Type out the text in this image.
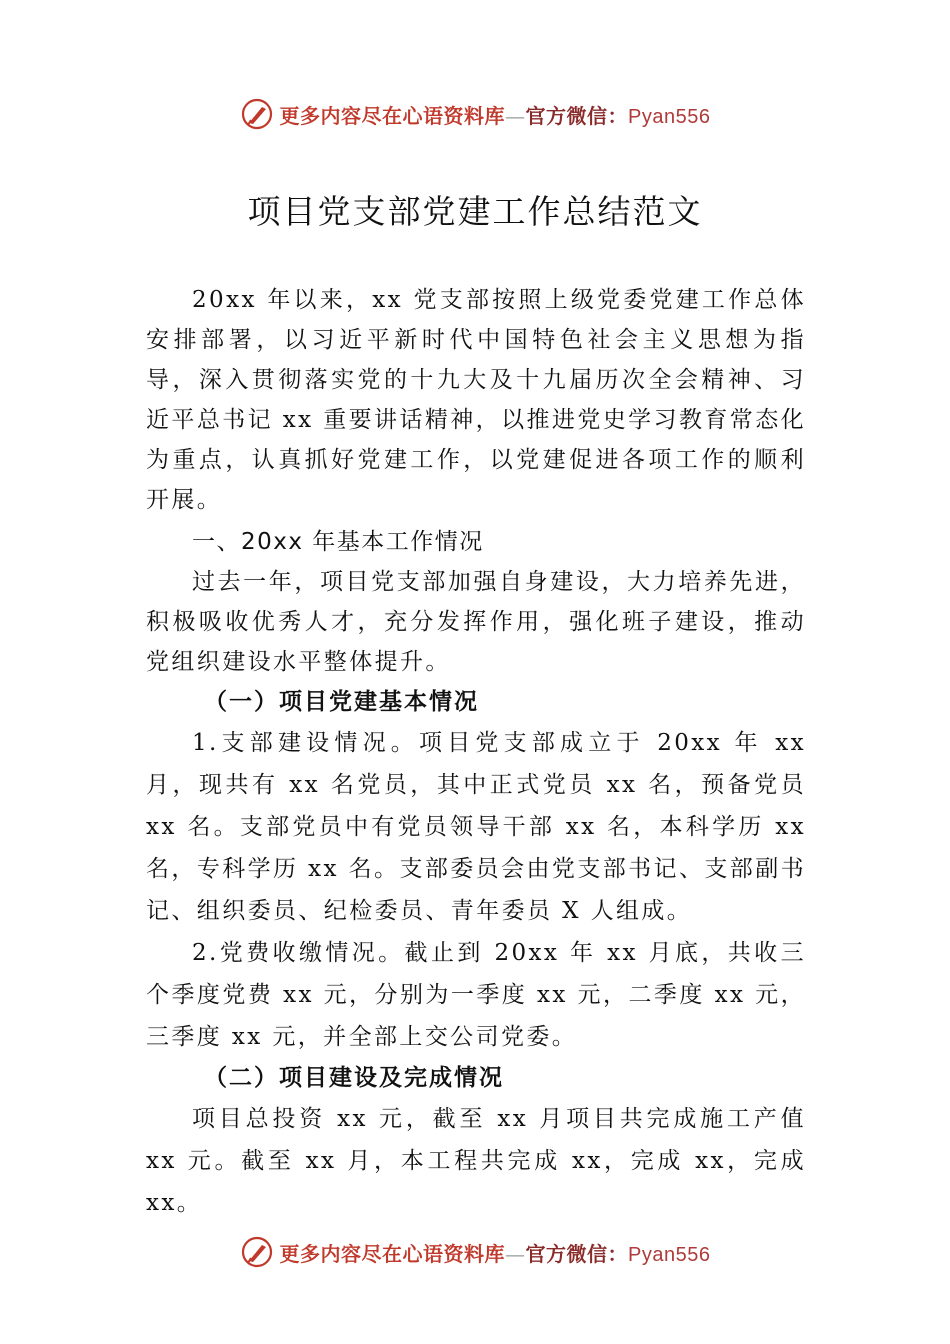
更多内容尽在心语资料库—官方微信：Pyan556
项目党支部党建工作总结范文

20xx 年以来，xx 党支部按照上级党委党建工作总体安排部署，以习近平新时代中国特色社会主义思想为指导，深入贯彻落实党的十九大及十九届历次全会精神、习近平总书记 xx 重要讲话精神，以推进党史学习教育常态化为重点，认真抓好党建工作，以党建促进各项工作的顺利开展。

一、20xx 年基本工作情况

过去一年，项目党支部加强自身建设，大力培养先进，积极吸收优秀人才，充分发挥作用，强化班子建设，推动党组织建设水平整体提升。

（一）项目党建基本情况

1.支部建设情况。项目党支部成立于 20xx 年 xx 月，现共有 xx 名党员，其中正式党员 xx 名，预备党员 xx 名。支部党员中有党员领导干部 xx 名，本科学历 xx 名，专科学历 xx 名。支部委员会由党支部书记、支部副书记、组织委员、纪检委员、青年委员 X 人组成。

2.党费收缴情况。截止到 20xx 年 xx 月底，共收三个季度党费 xx 元，分别为一季度 xx 元，二季度 xx 元，三季度 xx 元，并全部上交公司党委。

（二）项目建设及完成情况

项目总投资 xx 元，截至 xx 月项目共完成施工产值 xx 元。截至 xx 月，本工程共完成 xx，完成 xx，完成 xx。

更多内容尽在心语资料库—官方微信：Pyan556
